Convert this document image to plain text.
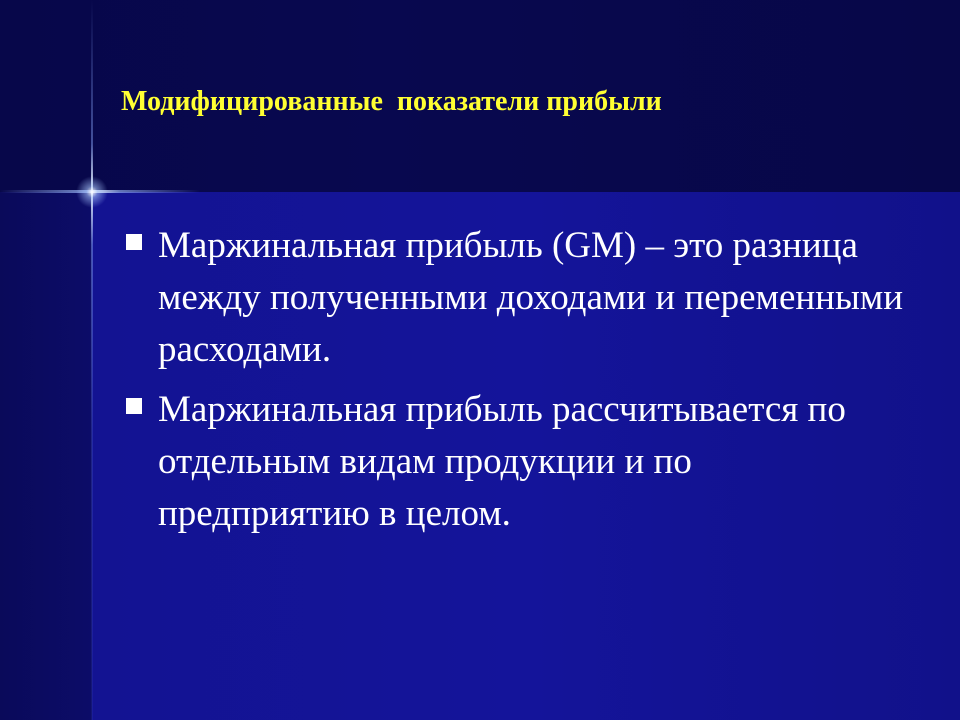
Модифицированные  показатели прибыли
Маржинальная прибыль (GM) – это разница между полученными доходами и переменными расходами.
Маржинальная прибыль рассчитывается по отдельным видам продукции и по предприятию в целом.
